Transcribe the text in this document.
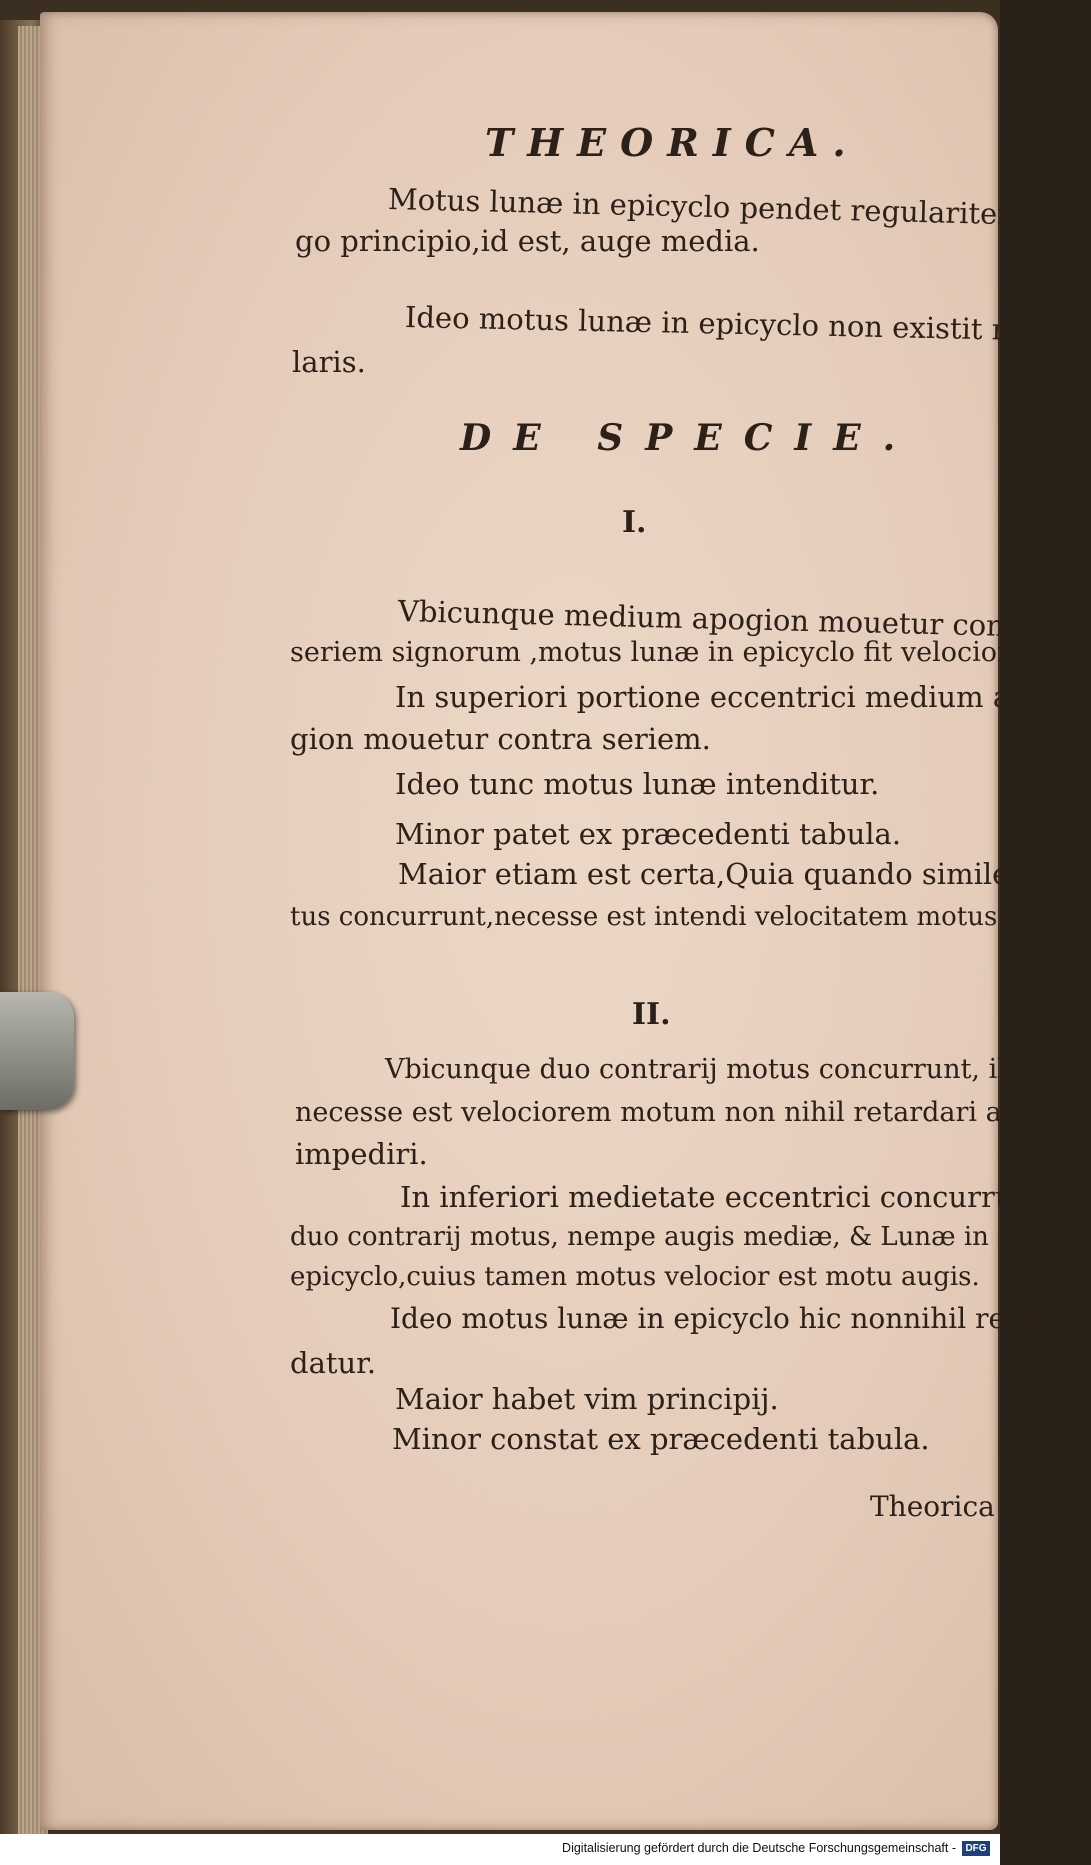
THEORICA.
Motus lunæ in epicyclo pendet regulariter a va-
go principio,id est, auge media.
Ideo motus lunæ in epicyclo non existit regu-
laris.
DE SPECIE.
I.
Vbicunque medium apogion mouetur contra
seriem signorum ,motus lunæ in epicyclo fit velocior.
In superiori portione eccentrici medium apo-
gion mouetur contra seriem.
Ideo tunc motus lunæ intenditur.
Minor patet ex præcedenti tabula.
Maior etiam est certa,Quia quando similes mo-
tus concurrunt,necesse est intendi velocitatem motus.
II.
Vbicunque duo contrarij motus concurrunt, ibi
necesse est velociorem motum non nihil retardari ac
impediri.
In inferiori medietate eccentrici concurrunt
duo contrarij motus, nempe augis mediæ, & Lunæ in
epicyclo,cuius tamen motus velocior est motu augis.
Ideo motus lunæ in epicyclo hic nonnihil retar-
datur.
Maior habet vim principij.
Minor constat ex præcedenti tabula.
Theorica
Digitalisierung gefördert durch die Deutsche Forschungsgemeinschaft - DFG
